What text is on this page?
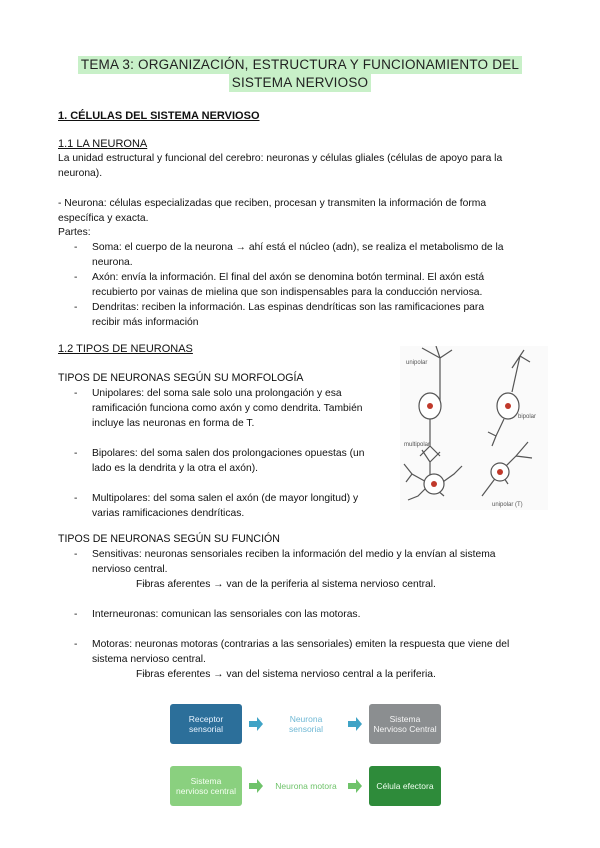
TEMA 3: ORGANIZACIÓN, ESTRUCTURA Y FUNCIONAMIENTO DEL
SISTEMA NERVIOSO
1. CÉLULAS DEL SISTEMA NERVIOSO
1.1 LA NEURONA
La unidad estructural y funcional del cerebro: neuronas y células gliales (células de apoyo para la
neurona).
- Neurona: células especializadas que reciben, procesan y transmiten la información de forma
específica y exacta.
Partes:
- Soma: el cuerpo de la neurona → ahí está el núcleo (adn), se realiza el metabolismo de la
neurona.
- Axón: envía la información. El final del axón se denomina botón terminal. El axón está
recubierto por vainas de mielina que son indispensables para la conducción nerviosa.
- Dendritas: reciben la información. Las espinas dendríticas son las ramificaciones para
recibir más información
1.2 TIPOS DE NEURONAS
TIPOS DE NEURONAS SEGÚN SU MORFOLOGÍA
- Unipolares: del soma sale solo una prolongación y esa
ramificación funciona como axón y como dendrita. También
incluye las neuronas en forma de T.
- Bipolares: del soma salen dos prolongaciones opuestas (un
lado es la dendrita y la otra el axón).
- Multipolares: del soma salen el axón (de mayor longitud) y
varias ramificaciones dendríticas.
unipolar
bipolar
multipolar
unipolar (T)
TIPOS DE NEURONAS SEGÚN SU FUNCIÓN
- Sensitivas: neuronas sensoriales reciben la información del medio y la envían al sistema
nervioso central.
- Fibras aferentes → van de la periferia al sistema nervioso central.
- Interneuronas: comunican las sensoriales con las motoras.
- Motoras: neuronas motoras (contrarias a las sensoriales) emiten la respuesta que viene del
sistema nervioso central.
- Fibras eferentes → van del sistema nervioso central a la periferia.
Receptor sensorial
Neurona sensorial
Sistema Nervioso Central
Sistema nervioso central	Neurona motora	Célula efectora
